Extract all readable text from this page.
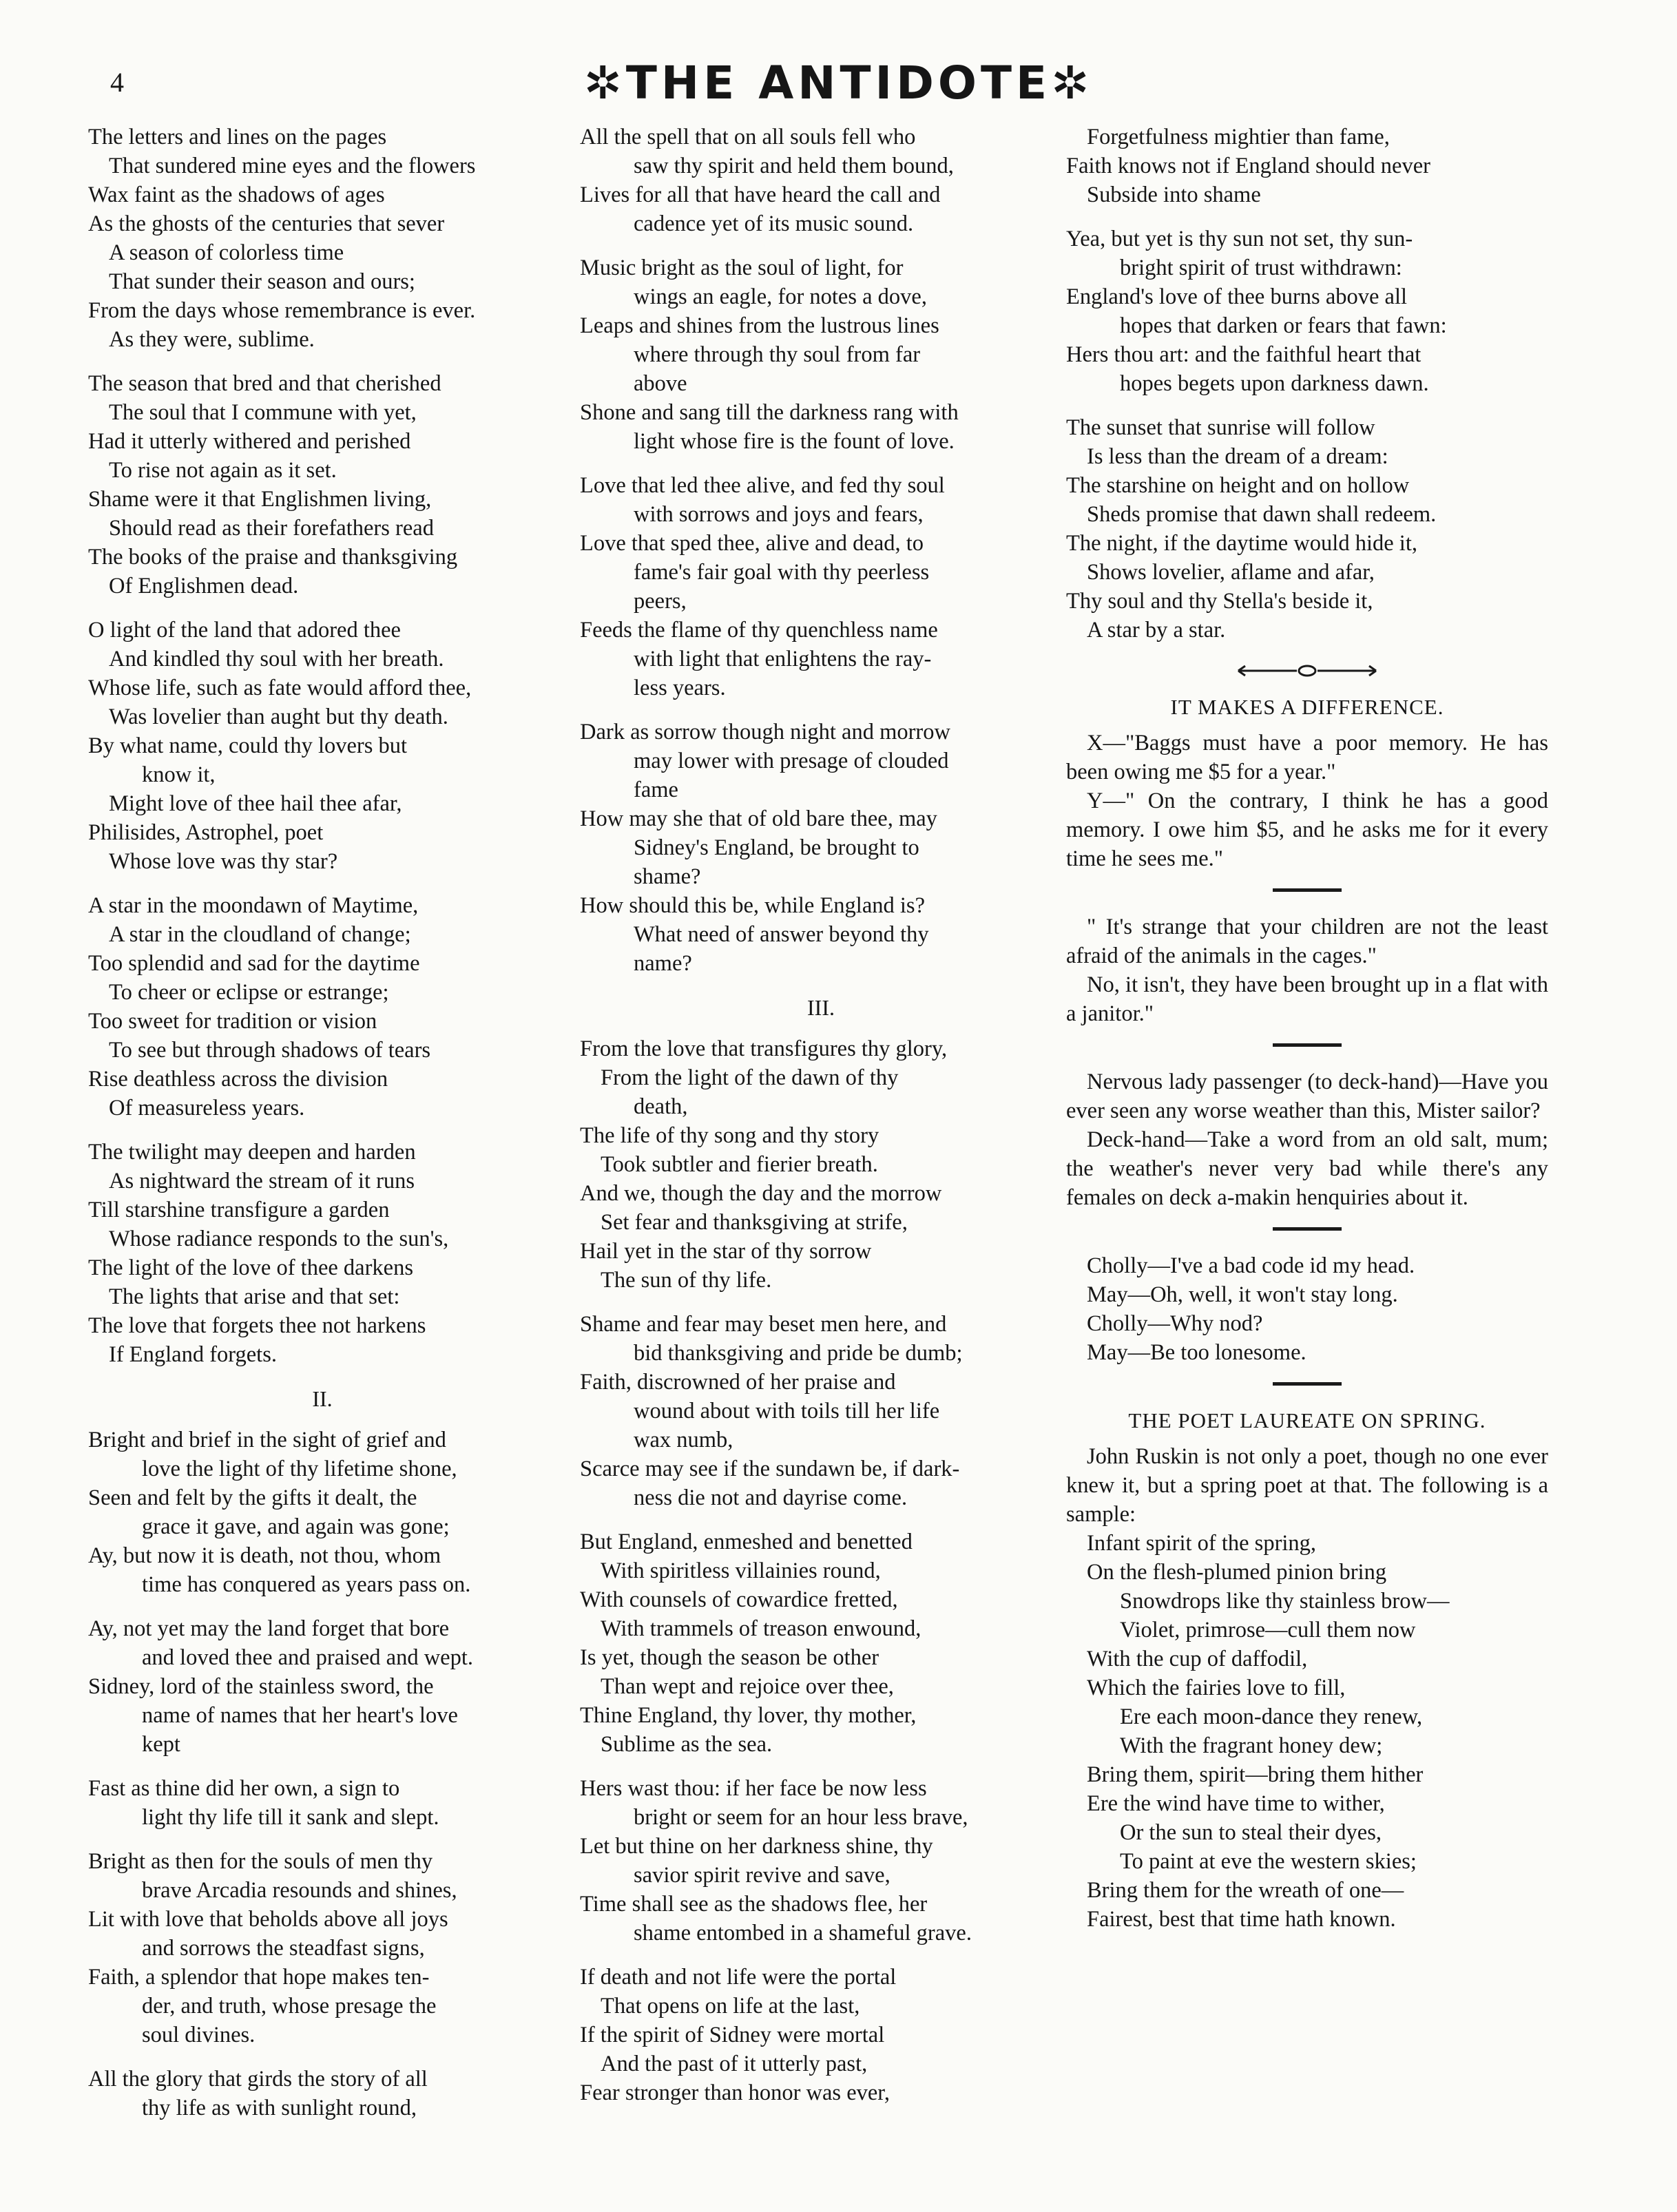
4	✲THE ANTIDOTE✲
The letters and lines on the pages
That sundered mine eyes and the flowers
Wax faint as the shadows of ages
As the ghosts of the centuries that sever
A season of colorless time
That sunder their season and ours;
From the days whose remembrance is ever.
As they were, sublime.
The season that bred and that cherished
The soul that I commune with yet,
Had it utterly withered and perished
To rise not again as it set.
Shame were it that Englishmen living,
Should read as their forefathers read
The books of the praise and thanksgiving
Of Englishmen dead.
O light of the land that adored thee
And kindled thy soul with her breath.
Whose life, such as fate would afford thee,
Was lovelier than aught but thy death.
By what name, could thy lovers but
know it,
Might love of thee hail thee afar,
Philisides, Astrophel, poet
Whose love was thy star?
A star in the moondawn of Maytime,
A star in the cloudland of change;
Too splendid and sad for the daytime
To cheer or eclipse or estrange;
Too sweet for tradition or vision
To see but through shadows of tears
Rise deathless across the division
Of measureless years.
The twilight may deepen and harden
As nightward the stream of it runs
Till starshine transfigure a garden
Whose radiance responds to the sun's,
The light of the love of thee darkens
The lights that arise and that set:
The love that forgets thee not harkens
If England forgets.
II.
Bright and brief in the sight of grief and
love the light of thy lifetime shone,
Seen and felt by the gifts it dealt, the
grace it gave, and again was gone;
Ay, but now it is death, not thou, whom
time has conquered as years pass on.
Ay, not yet may the land forget that bore
and loved thee and praised and wept.
Sidney, lord of the stainless sword, the
name of names that her heart's love
kept
Fast as thine did her own, a sign to
light thy life till it sank and slept.
Bright as then for the souls of men thy
brave Arcadia resounds and shines,
Lit with love that beholds above all joys
and sorrows the steadfast signs,
Faith, a splendor that hope makes ten-
der, and truth, whose presage the
soul divines.
All the glory that girds the story of all
thy life as with sunlight round,
All the spell that on all souls fell who
saw thy spirit and held them bound,
Lives for all that have heard the call and
cadence yet of its music sound.
Music bright as the soul of light, for
wings an eagle, for notes a dove,
Leaps and shines from the lustrous lines
where through thy soul from far
above
Shone and sang till the darkness rang with
light whose fire is the fount of love.
Love that led thee alive, and fed thy soul
with sorrows and joys and fears,
Love that sped thee, alive and dead, to
fame's fair goal with thy peerless
peers,
Feeds the flame of thy quenchless name
with light that enlightens the ray-
less years.
Dark as sorrow though night and morrow
may lower with presage of clouded
fame
How may she that of old bare thee, may
Sidney's England, be brought to
shame?
How should this be, while England is?
What need of answer beyond thy
name?
III.
From the love that transfigures thy glory,
From the light of the dawn of thy
death,
The life of thy song and thy story
Took subtler and fierier breath.
And we, though the day and the morrow
Set fear and thanksgiving at strife,
Hail yet in the star of thy sorrow
The sun of thy life.
Shame and fear may beset men here, and
bid thanksgiving and pride be dumb;
Faith, discrowned of her praise and
wound about with toils till her life
wax numb,
Scarce may see if the sundawn be, if dark-
ness die not and dayrise come.
But England, enmeshed and benetted
With spiritless villainies round,
With counsels of cowardice fretted,
With trammels of treason enwound,
Is yet, though the season be other
Than wept and rejoice over thee,
Thine England, thy lover, thy mother,
Sublime as the sea.
Hers wast thou: if her face be now less
bright or seem for an hour less brave,
Let but thine on her darkness shine, thy
savior spirit revive and save,
Time shall see as the shadows flee, her
shame entombed in a shameful grave.
If death and not life were the portal
That opens on life at the last,
If the spirit of Sidney were mortal
And the past of it utterly past,
Fear stronger than honor was ever,
Forgetfulness mightier than fame,
Faith knows not if England should never
Subside into shame
Yea, but yet is thy sun not set, thy sun-
bright spirit of trust withdrawn:
England's love of thee burns above all
hopes that darken or fears that fawn:
Hers thou art: and the faithful heart that
hopes begets upon darkness dawn.
The sunset that sunrise will follow
Is less than the dream of a dream:
The starshine on height and on hollow
Sheds promise that dawn shall redeem.
The night, if the daytime would hide it,
Shows lovelier, aflame and afar,
Thy soul and thy Stella's beside it,
A star by a star.
IT MAKES A DIFFERENCE.
X—"Baggs must have a poor memory. He has been owing me $5 for a year."
Y—" On the contrary, I think he has a good memory. I owe him $5, and he asks me for it every time he sees me."
" It's strange that your children are not the least afraid of the animals in the cages."
No, it isn't, they have been brought up in a flat with a janitor."
Nervous lady passenger (to deck-hand)—Have you ever seen any worse weather than this, Mister sailor?
Deck-hand—Take a word from an old salt, mum; the weather's never very bad while there's any females on deck a-makin henquiries about it.
Cholly—I've a bad code id my head.
May—Oh, well, it won't stay long.
Cholly—Why nod?
May—Be too lonesome.
THE POET LAUREATE ON SPRING.
John Ruskin is not only a poet, though no one ever knew it, but a spring poet at that. The following is a sample:
Infant spirit of the spring,
On the flesh-plumed pinion bring
Snowdrops like thy stainless brow—
Violet, primrose—cull them now
With the cup of daffodil,
Which the fairies love to fill,
Ere each moon-dance they renew,
With the fragrant honey dew;
Bring them, spirit—bring them hither
Ere the wind have time to wither,
Or the sun to steal their dyes,
To paint at eve the western skies;
Bring them for the wreath of one—
Fairest, best that time hath known.
